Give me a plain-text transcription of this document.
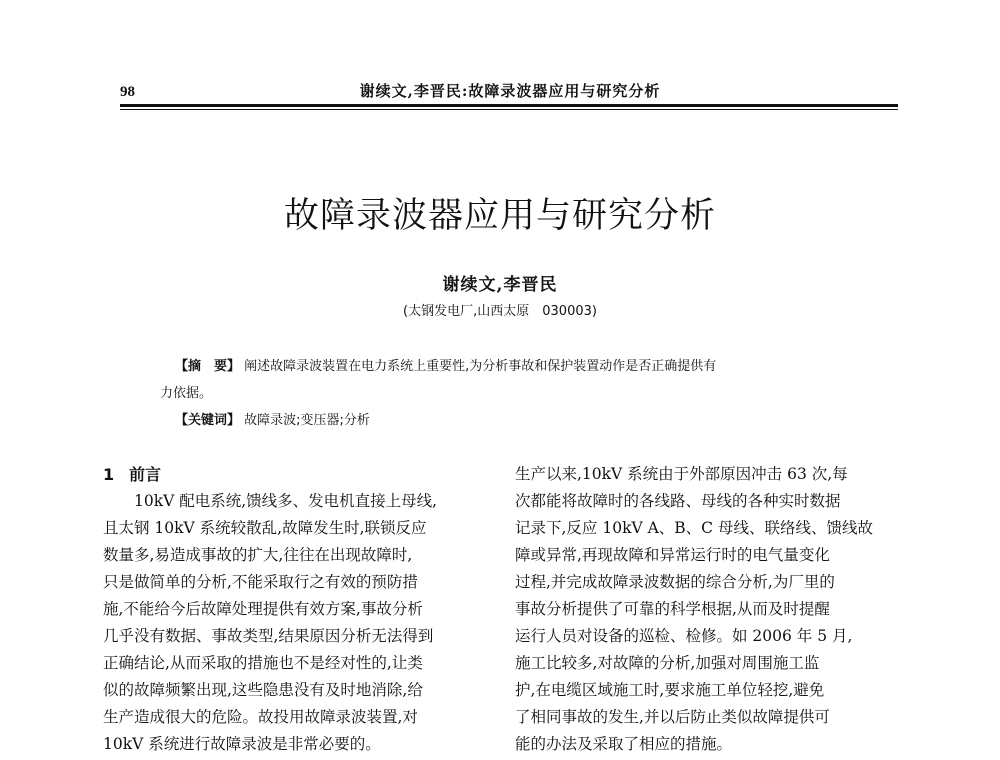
98	谢续文,李晋民:故障录波器应用与研究分析
故障录波器应用与研究分析
谢续文,李晋民
(太钢发电厂,山西太原　030003)
【摘　要】 阐述故障录波装置在电力系统上重要性,为分析事故和保护装置动作是否正确提供有
力依据。
【关键词】 故障录波;变压器;分析
1 前言
10kV 配电系统,馈线多、发电机直接上母线,
且太钢 10kV 系统较散乱,故障发生时,联锁反应
数量多,易造成事故的扩大,往往在出现故障时,
只是做简单的分析,不能采取行之有效的预防措
施,不能给今后故障处理提供有效方案,事故分析
几乎没有数据、事故类型,结果原因分析无法得到
正确结论,从而采取的措施也不是经对性的,让类
似的故障频繁出现,这些隐患没有及时地消除,给
生产造成很大的危险。故投用故障录波装置,对
10kV 系统进行故障录波是非常必要的。
生产以来,10kV 系统由于外部原因冲击 63 次,每
次都能将故障时的各线路、母线的各种实时数据
记录下,反应 10kV A、B、C 母线、联络线、馈线故
障或异常,再现故障和异常运行时的电气量变化
过程,并完成故障录波数据的综合分析,为厂里的
事故分析提供了可靠的科学根据,从而及时提醒
运行人员对设备的巡检、检修。如 2006 年 5 月,
施工比较多,对故障的分析,加强对周围施工监
护,在电缆区域施工时,要求施工单位轻挖,避免
了相同事故的发生,并以后防止类似故障提供可
能的办法及采取了相应的措施。
